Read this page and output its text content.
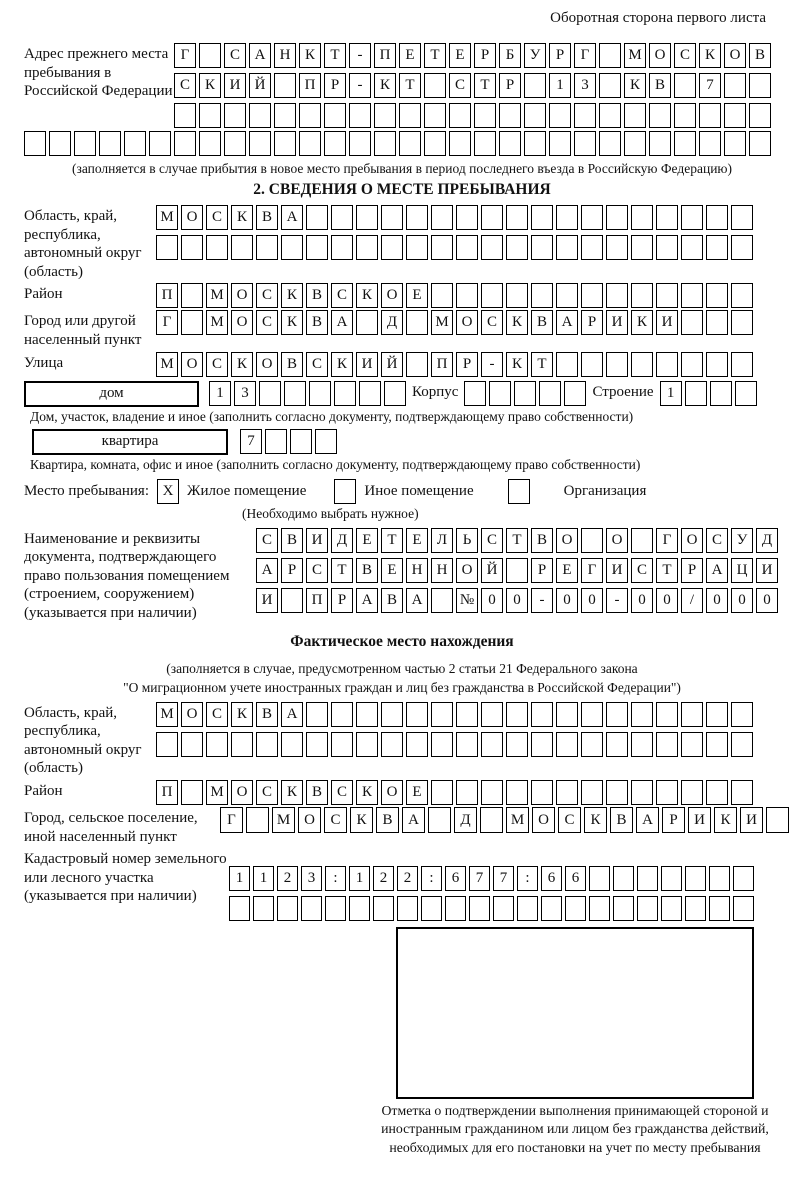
Оборотная сторона первого листа
Адрес прежнего места пребывания в Российской Федерации
Г	С А Н К	Т	-	П Е	Т	Е	Р	Б	У	Р	Г	М О С К О В
С К И Й	П	Р	-	К	Т	С	Т	Р	1	3	К В	7
(заполняется в случае прибытия в новое место пребывания в период последнего въезда в Российскую Федерацию)
2. СВЕДЕНИЯ О МЕСТЕ ПРЕБЫВАНИЯ
Область, край, республика, автономный округ (область)
М О С К В А
Район	П	М О С К В С К О Е
Город или другой населенный пункт
Г	М О С К В А	Д	М О С К В А	Р	И К И
Улица	М О С К О В С К И Й	П	Р	-	К	Т
дом	1	3	Корпус	Строение 1
Дом, участок, владение и иное (заполнить согласно документу, подтверждающему право собственности)
квартира	7
Квартира, комната, офис и иное (заполнить согласно документу, подтверждающему право собственности)
Место пребывания: X Жилое помещение	Иное помещение	Организация
(Необходимо выбрать нужное)
Наименование и реквизиты документа, подтверждающего право пользования помещением (строением, сооружением) (указывается при наличии)
С В И Д	Е	Т	Е	Л	Ь	С	Т	В О	О	Г	О С У Д
А	Р	С	Т	В	Е	Н Н О Й	Р	Е	Г	И С	Т	Р	А Ц И
И	П	Р	А В А	№ 0	0	-	0	0	-	0	0	/	0	0	0
Фактическое место нахождения
(заполняется в случае, предусмотренном частью 2 статьи 21 Федерального закона
"О миграционном учете иностранных граждан и лиц без гражданства в Российской Федерации")
Область, край, республика, автономный округ (область)
М О С К В А
Район	П	М О С К В С К О Е
Город, сельское поселение, иной населенный пункт
Г	М О	С	К	В	А	Д	М О	С	К	В	А	Р	И	К	И
Кадастровый номер земельного или лесного участка (указывается при наличии)
1	1	2	3	:	1	2	2	:	6	7	7	:	6	6
Отметка о подтверждении выполнения принимающей стороной и иностранным гражданином или лицом без гражданства действий, необходимых для его постановки на учет по месту пребывания
